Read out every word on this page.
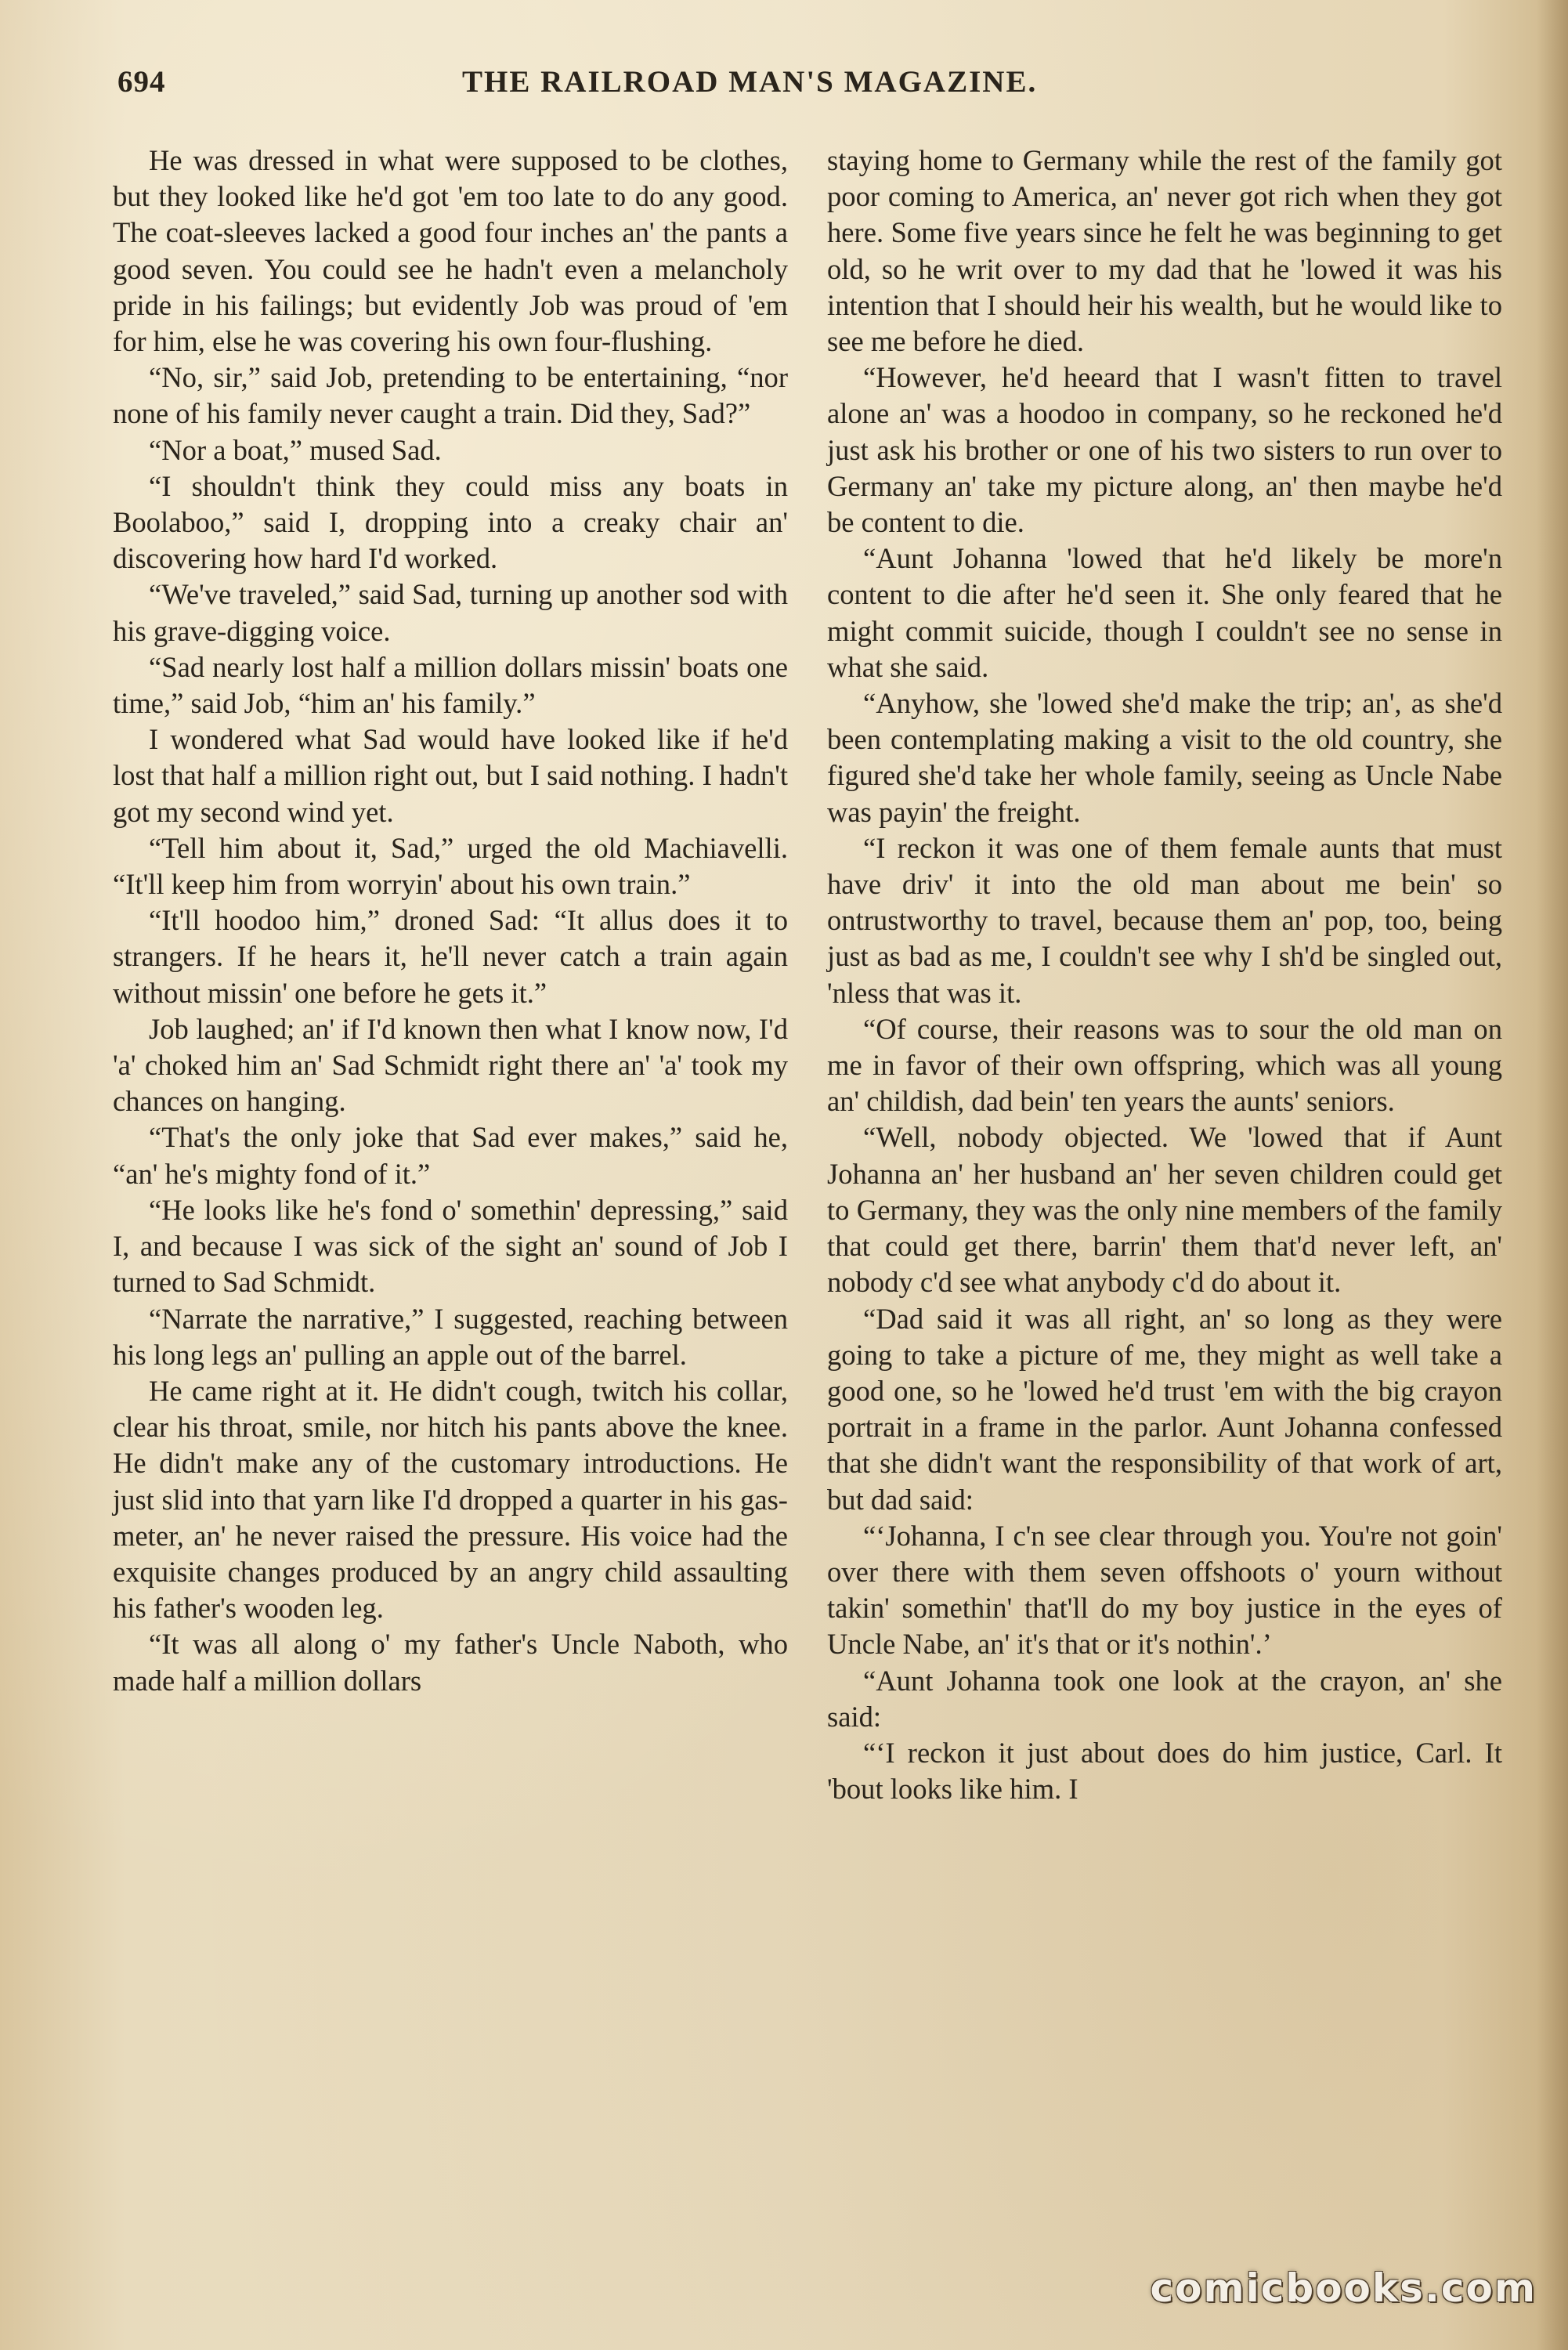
694	THE RAILROAD MAN'S MAGAZINE.

He was dressed in what were supposed to be clothes, but they looked like he'd got 'em too late to do any good. The coat-sleeves lacked a good four inches an' the pants a good seven. You could see he hadn't even a melancholy pride in his failings; but evidently Job was proud of 'em for him, else he was covering his own four-flushing.

“No, sir,” said Job, pretending to be entertaining, “nor none of his family never caught a train. Did they, Sad?”

“Nor a boat,” mused Sad.

“I shouldn't think they could miss any boats in Boolaboo,” said I, dropping into a creaky chair an' discovering how hard I'd worked.

“We've traveled,” said Sad, turning up another sod with his grave-digging voice.

“Sad nearly lost half a million dollars missin' boats one time,” said Job, “him an' his family.”

I wondered what Sad would have looked like if he'd lost that half a million right out, but I said nothing. I hadn't got my second wind yet.

“Tell him about it, Sad,” urged the old Machiavelli. “It'll keep him from worryin' about his own train.”

“It'll hoodoo him,” droned Sad: “It allus does it to strangers. If he hears it, he'll never catch a train again without missin' one before he gets it.”

Job laughed; an' if I'd known then what I know now, I'd 'a' choked him an' Sad Schmidt right there an' 'a' took my chances on hanging.

“That's the only joke that Sad ever makes,” said he, “an' he's mighty fond of it.”

“He looks like he's fond o' somethin' depressing,” said I, and because I was sick of the sight an' sound of Job I turned to Sad Schmidt.

“Narrate the narrative,” I suggested, reaching between his long legs an' pulling an apple out of the barrel.

He came right at it. He didn't cough, twitch his collar, clear his throat, smile, nor hitch his pants above the knee. He didn't make any of the customary introductions. He just slid into that yarn like I'd dropped a quarter in his gas-meter, an' he never raised the pressure. His voice had the exquisite changes produced by an angry child assaulting his father's wooden leg.

“It was all along o' my father's Uncle Naboth, who made half a million dollars

staying home to Germany while the rest of the family got poor coming to America, an' never got rich when they got here. Some five years since he felt he was beginning to get old, so he writ over to my dad that he 'lowed it was his intention that I should heir his wealth, but he would like to see me before he died.

“However, he'd heeard that I wasn't fitten to travel alone an' was a hoodoo in company, so he reckoned he'd just ask his brother or one of his two sisters to run over to Germany an' take my picture along, an' then maybe he'd be content to die.

“Aunt Johanna 'lowed that he'd likely be more'n content to die after he'd seen it. She only feared that he might commit suicide, though I couldn't see no sense in what she said.

“Anyhow, she 'lowed she'd make the trip; an', as she'd been contemplating making a visit to the old country, she figured she'd take her whole family, seeing as Uncle Nabe was payin' the freight.

“I reckon it was one of them female aunts that must have driv' it into the old man about me bein' so ontrustworthy to travel, because them an' pop, too, being just as bad as me, I couldn't see why I sh'd be singled out, 'nless that was it.

“Of course, their reasons was to sour the old man on me in favor of their own offspring, which was all young an' childish, dad bein' ten years the aunts' seniors.

“Well, nobody objected. We 'lowed that if Aunt Johanna an' her husband an' her seven children could get to Germany, they was the only nine members of the family that could get there, barrin' them that'd never left, an' nobody c'd see what anybody c'd do about it.

“Dad said it was all right, an' so long as they were going to take a picture of me, they might as well take a good one, so he 'lowed he'd trust 'em with the big crayon portrait in a frame in the parlor. Aunt Johanna confessed that she didn't want the responsibility of that work of art, but dad said:

“‘Johanna, I c'n see clear through you. You're not goin' over there with them seven offshoots o' yourn without takin' somethin' that'll do my boy justice in the eyes of Uncle Nabe, an' it's that or it's nothin'.’

“Aunt Johanna took one look at the crayon, an' she said:

“‘I reckon it just about does do him justice, Carl. It 'bout looks like him. I

comicbooks.com
